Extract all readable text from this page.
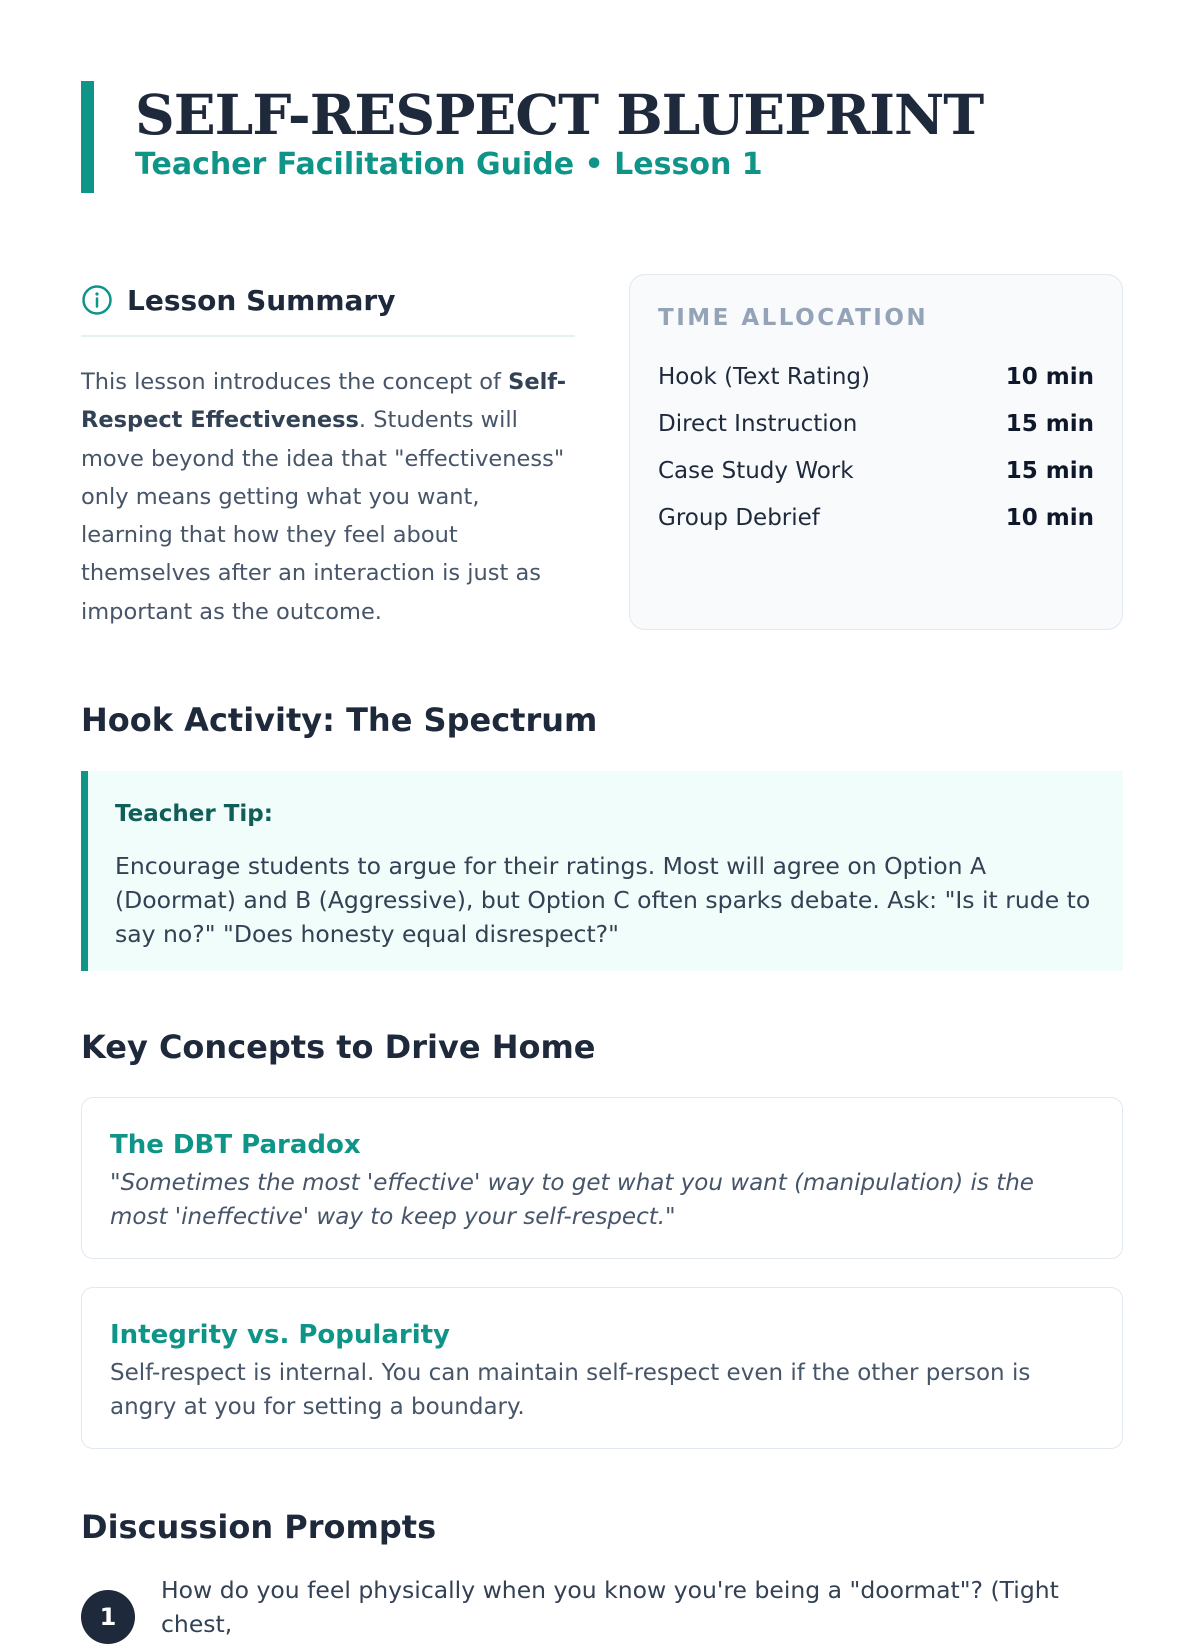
SELF-RESPECT BLUEPRINT
Teacher Facilitation Guide • Lesson 1
Lesson Summary

This lesson introduces the concept of Self-Respect Effectiveness. Students will move beyond the idea that "effectiveness" only means getting what you want, learning that how they feel about themselves after an interaction is just as important as the outcome.

TIME ALLOCATION
Hook (Text Rating)	10 min
Direct Instruction	15 min
Case Study Work	15 min
Group Debrief	10 min
Hook Activity: The Spectrum
Teacher Tip:

Encourage students to argue for their ratings. Most will agree on Option A (Doormat) and B (Aggressive), but Option C often sparks debate. Ask: "Is it rude to say no?" "Does honesty equal disrespect?"

Key Concepts to Drive Home
The DBT Paradox

"Sometimes the most 'effective' way to get what you want (manipulation) is the most 'ineffective' way to keep your self-respect."

Integrity vs. Popularity

Self-respect is internal. You can maintain self-respect even if the other person is angry at you for setting a boundary.

Discussion Prompts
1

How do you feel physically when you know you're being a "doormat"? (Tight chest,
